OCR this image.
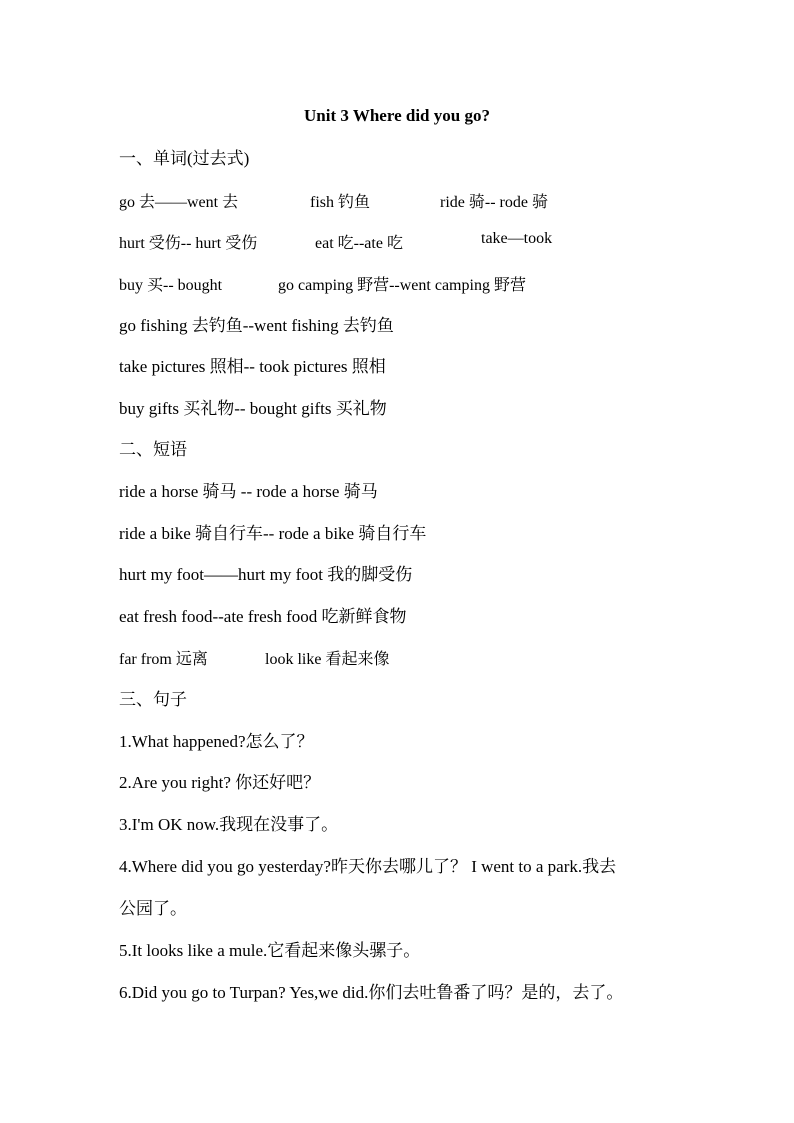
Unit 3 Where did you go?

一、单词(过去式)

go 去——went 去	fish 钓鱼	ride 骑-- rode 骑
hurt 受伤-- hurt 受伤	eat 吃--ate 吃	take—took
buy 买-- bought	go camping 野营--went camping 野营

go fishing 去钓鱼--went fishing 去钓鱼

take pictures 照相-- took pictures 照相

buy gifts 买礼物-- bought gifts 买礼物

二、短语

ride a horse 骑马 -- rode a horse 骑马

ride a bike 骑自行车-- rode a bike 骑自行车

hurt my foot——hurt my foot 我的脚受伤

eat fresh food--ate fresh food 吃新鲜食物

far from 远离	look like 看起来像

三、句子

1.What happened?怎么了？

2.Are you right? 你还好吧？

3.I'm OK now.我现在没事了。

4.Where did you go yesterday?昨天你去哪儿了？ I went to a park.我去

公园了。

5.It looks like a mule.它看起来像头骡子。

6.Did you go to Turpan? Yes,we did.你们去吐鲁番了吗？是的，去了。
